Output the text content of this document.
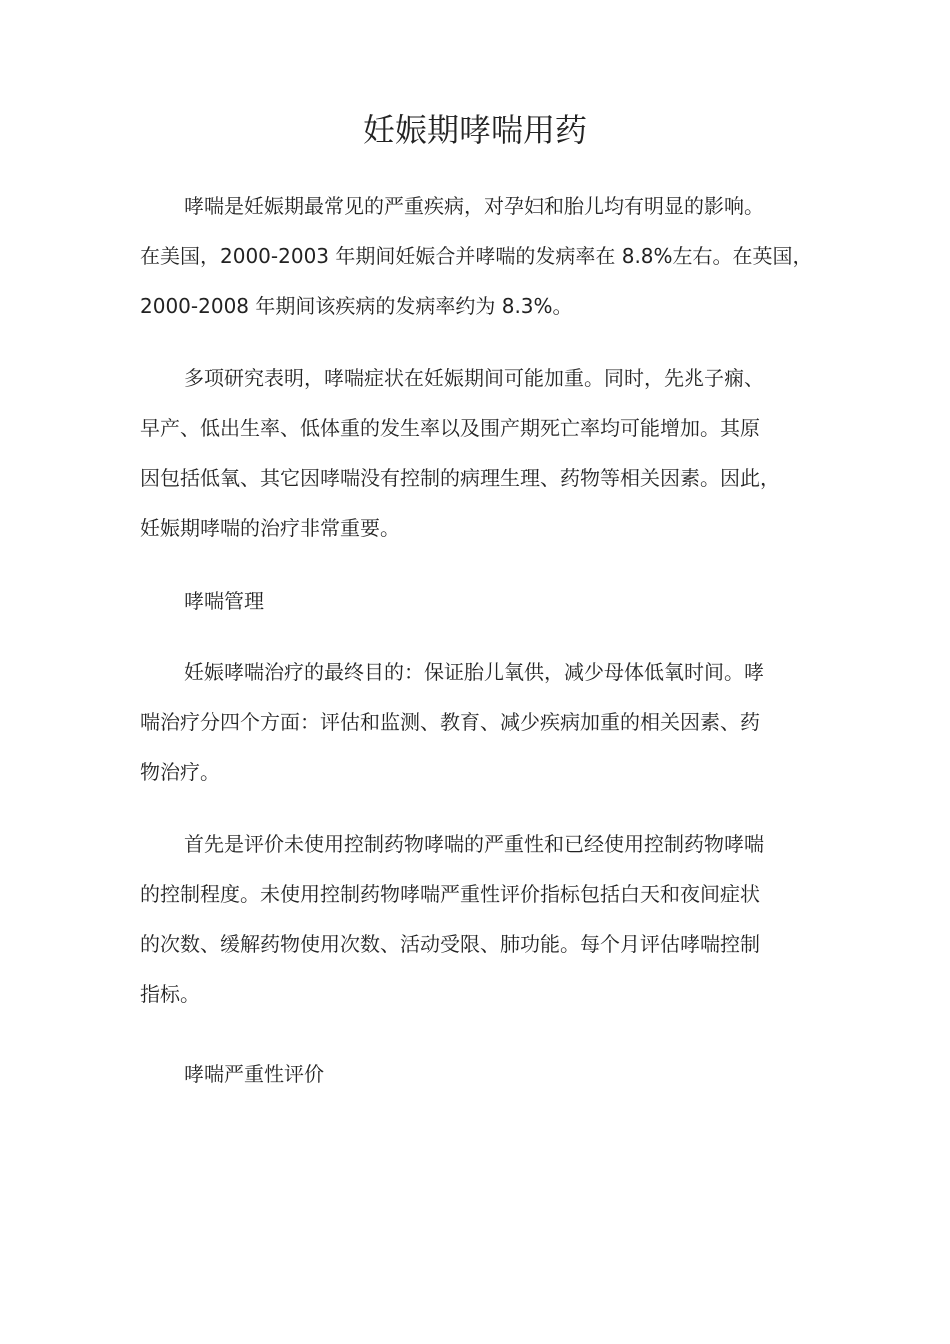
妊娠期哮喘用药
哮喘是妊娠期最常见的严重疾病，对孕妇和胎儿均有明显的影响。
在美国，2000-2003 年期间妊娠合并哮喘的发病率在 8.8%左右。在英国，
2000-2008 年期间该疾病的发病率约为 8.3%。
多项研究表明，哮喘症状在妊娠期间可能加重。同时，先兆子痫、
早产、低出生率、低体重的发生率以及围产期死亡率均可能增加。其原
因包括低氧、其它因哮喘没有控制的病理生理、药物等相关因素。因此，
妊娠期哮喘的治疗非常重要。
哮喘管理
妊娠哮喘治疗的最终目的：保证胎儿氧供，减少母体低氧时间。哮
喘治疗分四个方面：评估和监测、教育、减少疾病加重的相关因素、药
物治疗。
首先是评价未使用控制药物哮喘的严重性和已经使用控制药物哮喘
的控制程度。未使用控制药物哮喘严重性评价指标包括白天和夜间症状
的次数、缓解药物使用次数、活动受限、肺功能。每个月评估哮喘控制
指标。
哮喘严重性评价
